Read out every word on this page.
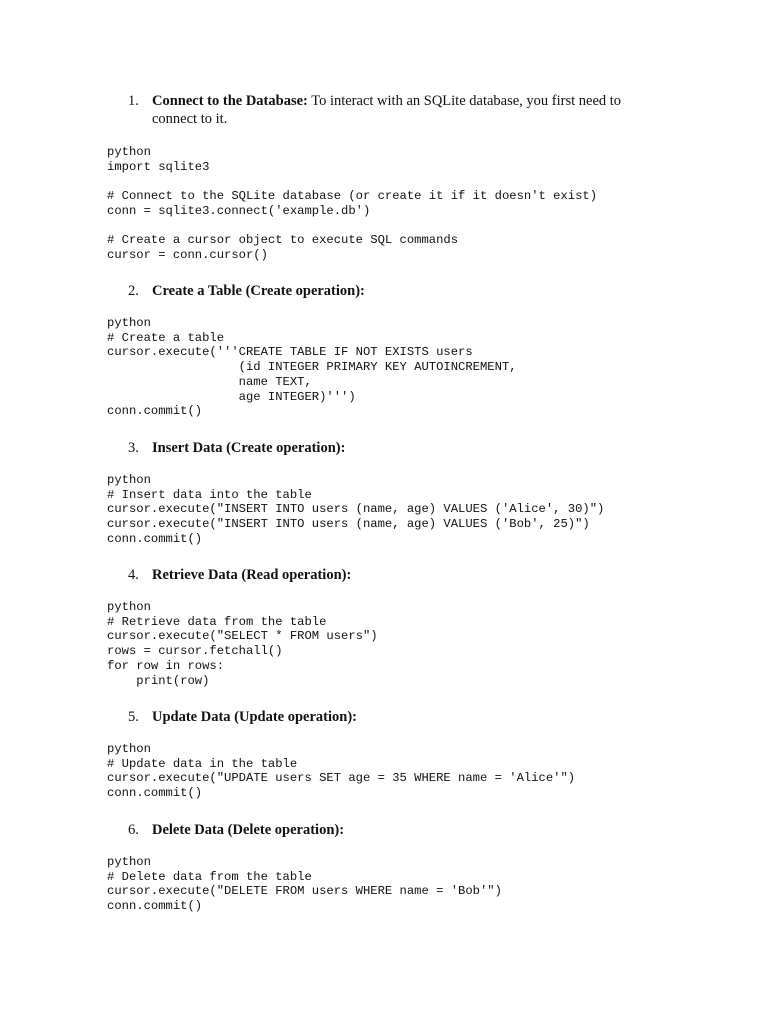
1. Connect to the Database: To interact with an SQLite database, you first need to connect to it.
python
import sqlite3
# Connect to the SQLite database (or create it if it doesn't exist)
conn = sqlite3.connect('example.db')
# Create a cursor object to execute SQL commands
cursor = conn.cursor()
2. Create a Table (Create operation):
python
# Create a table
cursor.execute('''CREATE TABLE IF NOT EXISTS users
(id INTEGER PRIMARY KEY AUTOINCREMENT,
name TEXT,
age INTEGER)''')
conn.commit()
3. Insert Data (Create operation):
python
# Insert data into the table
cursor.execute("INSERT INTO users (name, age) VALUES ('Alice', 30)")
cursor.execute("INSERT INTO users (name, age) VALUES ('Bob', 25)")
conn.commit()
4. Retrieve Data (Read operation):
python
# Retrieve data from the table
cursor.execute("SELECT * FROM users")
rows = cursor.fetchall()
for row in rows:
print(row)
5. Update Data (Update operation):
python
# Update data in the table
cursor.execute("UPDATE users SET age = 35 WHERE name = 'Alice'")
conn.commit()
6. Delete Data (Delete operation):
python
# Delete data from the table
cursor.execute("DELETE FROM users WHERE name = 'Bob'")
conn.commit()
